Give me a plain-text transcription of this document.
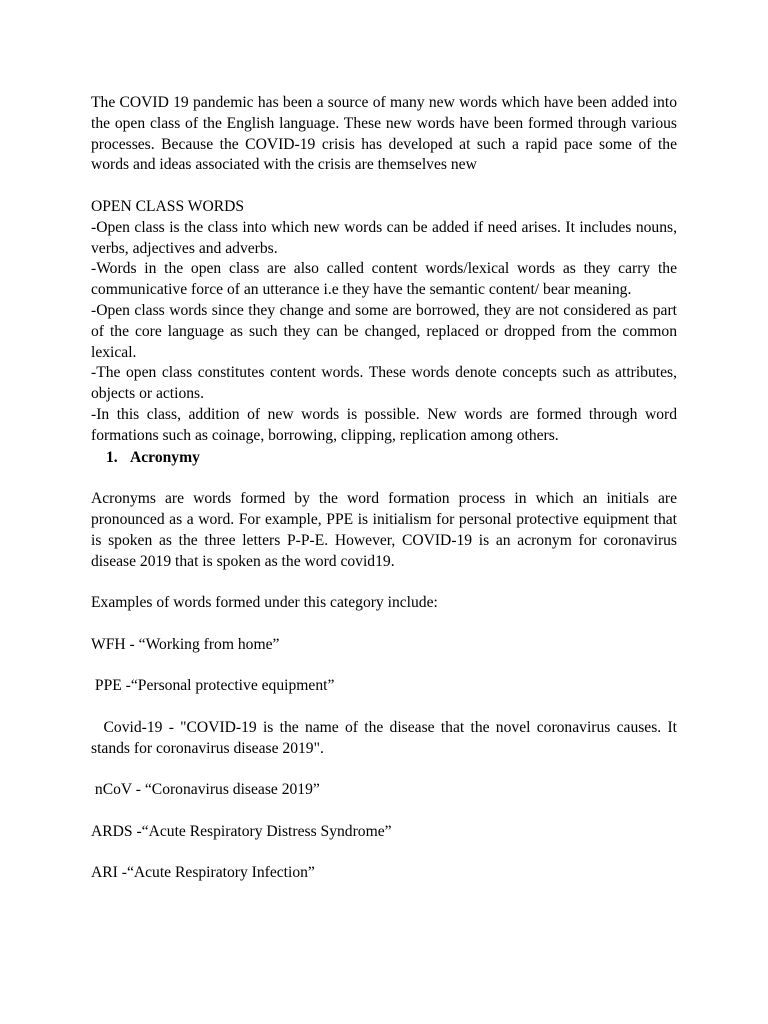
The COVID 19 pandemic has been a source of many new words which have been added into the open class of the English language. These new words have been formed through various processes. Because the COVID-19 crisis has developed at such a rapid pace some of the words and ideas associated with the crisis are themselves new

OPEN CLASS WORDS

-Open class is the class into which new words can be added if need arises. It includes nouns, verbs, adjectives and adverbs.

-Words in the open class are also called content words/lexical words as they carry the communicative force of an utterance i.e they have the semantic content/ bear meaning.

-Open class words since they change and some are borrowed, they are not considered as part of the core language as such they can be changed, replaced or dropped from the common lexical.

-The open class constitutes content words. These words denote concepts such as attributes, objects or actions.

-In this class, addition of new words is possible. New words are formed through word formations such as coinage, borrowing, clipping, replication among others.

1. Acronymy

Acronyms are words formed by the word formation process in which an initials are pronounced as a word. For example, PPE is initialism for personal protective equipment that is spoken as the three letters P-P-E. However, COVID-19 is an acronym for coronavirus disease 2019 that is spoken as the word covid19.

Examples of words formed under this category include:

WFH - “Working from home”

PPE -“Personal protective equipment”

Covid-19 - "COVID-19 is the name of the disease that the novel coronavirus causes. It stands for coronavirus disease 2019".

nCoV - “Coronavirus disease 2019”

ARDS -“Acute Respiratory Distress Syndrome”

ARI -“Acute Respiratory Infection”
